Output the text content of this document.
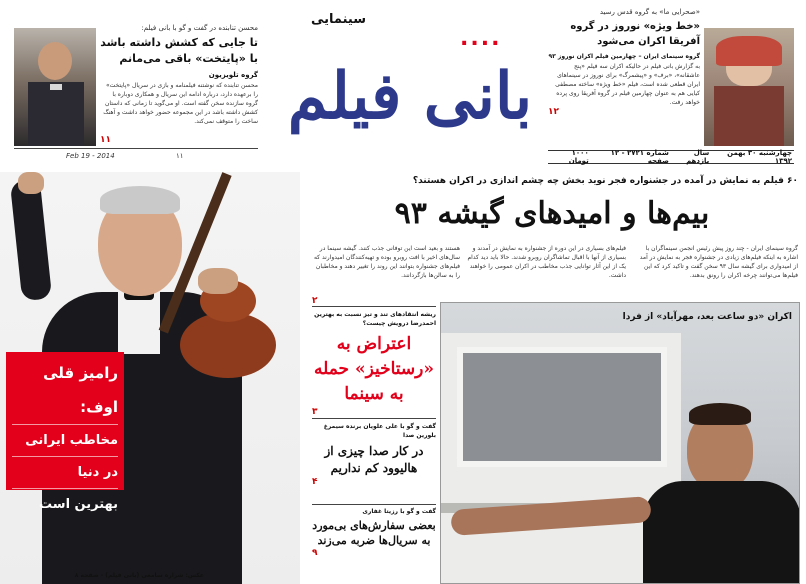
محسن تنابنده در گفت و گو با بانی فیلم:
تا جایی که کشش داشته باشد با «پایتخت» باقی می‌مانم
گروه تلویزیون
محسن تنابنده که نوشتنه فیلمنامه و بازی در سریال «پایتخت» را برعهده دارد، درباره ادامه این سریال و همکاری دوباره با گروه سازنده سخن گفته است. او می‌گوید تا زمانی که داستان کشش داشته باشد در این مجموعه حضور خواهد داشت و آهنگ ساخت را متوقف نمی‌کند.
۱۱
Feb 19 - 2014	۱۱
سینمایی
....
بانی فیلم
چهارشنبه ۳۰ بهمن ۱۳۹۲
سال یازدهم
شماره ۲۷۲۱ - ۱۲ صفحه
۱۰۰۰ تومان
«صحرایی ما» به گروه قدس رسید
«خط ویژه» نوروز در گروه آفریقا اکران می‌شود
گروه سینمای ایران – چهارمین فیلم اکران نوروز ۹۳
به گزارش بانی فیلم در حالیکه اکران سه فیلم «پنج عاشقانه»، «برف» و «پیشمرگ» برای نوروز در سینماهای ایران قطعی شده است، فیلم «خط ویژه» ساخته مصطفی کیایی هم به عنوان چهارمین فیلم در گروه آفریقا روی پرده خواهد رفت.
۱۲
رامیز قلی اوف:
مخاطب ایرانی
در دنیا
بهترین است
عکس: شراره سامعی (بانی فیلم) - صفحه ۸
۶۰ فیلم به نمایش در آمده در جشنواره فجر نوید بخش چه چشم اندازی در اکران هستند؟
بیم‌ها و امیدهای گیشه ۹۳
گروه سینمای ایران - چند روز پیش رئیس انجمن سینماگران با اشاره به اینکه فیلم‌های زیادی در جشنواره فجر به نمایش در آمد از امیدواری برای گیشه سال ۹۳ سخن گفت و تاکید کرد که این فیلم‌ها می‌توانند چرخه اکران را رونق بدهند.
فیلم‌های بسیاری در این دوره از جشنواره به نمایش در آمدند و بسیاری از آنها با اقبال تماشاگران روبرو شدند. حالا باید دید کدام یک از این آثار توانایی جذب مخاطب در اکران عمومی را خواهند داشت.
هستند و بعید است این توفانی جذب کنند. گیشه سینما در سال‌های اخیر با افت روبرو بوده و تهیه‌کنندگان امیدوارند که فیلم‌های جشنواره بتوانند این روند را تغییر دهند و مخاطبان را به سالن‌ها بازگردانند.
۲
ریشه انتقادهای تند و تیز نسبت به بهترین احمدرضا درویش چیست؟
اعتراض به «رستاخیز» حمله به سینما
۳
گفت و گو با علی علویان برنده سیمرغ بلورین صدا
در کار صدا چیزی از هالیوود کم نداریم
۴
گفت و گو با رزیتا غفاری
بعضی سفارش‌های بی‌مورد به سریال‌ها ضربه می‌زند
۹
اکران «دو ساعت بعد، مهرآباد» از فردا
